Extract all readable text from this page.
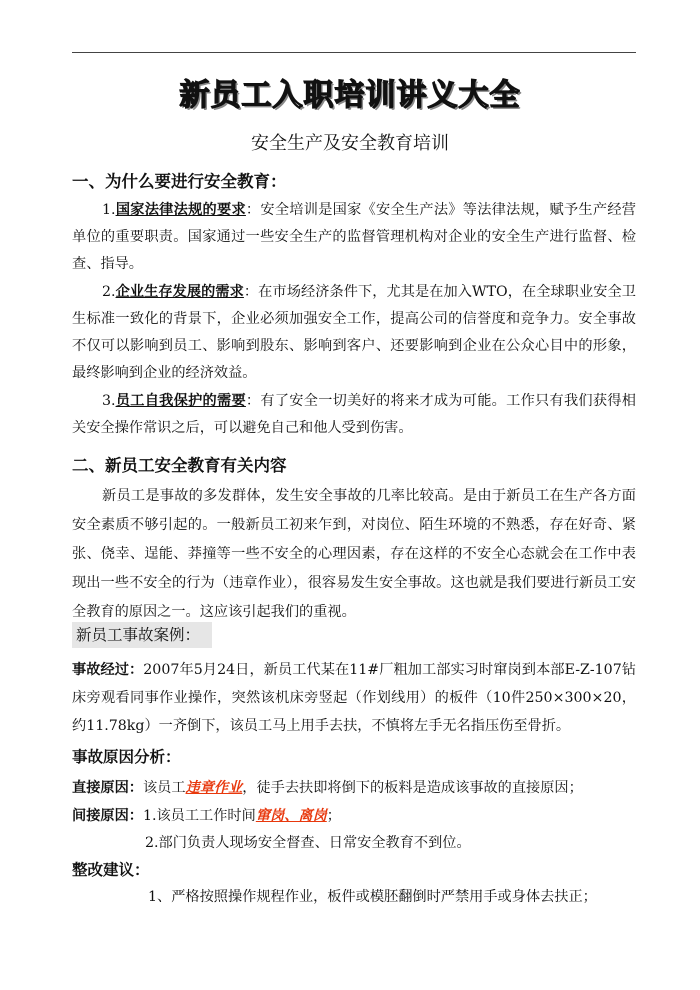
新员工入职培训讲义大全
安全生产及安全教育培训
一、为什么要进行安全教育：
1.国家法律法规的要求：安全培训是国家《安全生产法》等法律法规，赋予生产经营单位的重要职责。国家通过一些安全生产的监督管理机构对企业的安全生产进行监督、检查、指导。
2.企业生存发展的需求：在市场经济条件下，尤其是在加入WTO，在全球职业安全卫生标准一致化的背景下，企业必须加强安全工作，提高公司的信誉度和竞争力。安全事故不仅可以影响到员工、影响到股东、影响到客户、还要影响到企业在公众心目中的形象，最终影响到企业的经济效益。
3.员工自我保护的需要：有了安全一切美好的将来才成为可能。工作只有我们获得相关安全操作常识之后，可以避免自己和他人受到伤害。
二、新员工安全教育有关内容
新员工是事故的多发群体，发生安全事故的几率比较高。是由于新员工在生产各方面安全素质不够引起的。一般新员工初来乍到，对岗位、陌生环境的不熟悉，存在好奇、紧张、侥幸、逞能、莽撞等一些不安全的心理因素，存在这样的不安全心态就会在工作中表现出一些不安全的行为（违章作业），很容易发生安全事故。这也就是我们要进行新员工安全教育的原因之一。这应该引起我们的重视。
新员工事故案例：
事故经过：2007年5月24日，新员工代某在11#厂粗加工部实习时窜岗到本部E-Z-107钻床旁观看同事作业操作，突然该机床旁竖起（作划线用）的板件（10件250×300×20，约11.78kg）一齐倒下，该员工马上用手去扶，不慎将左手无名指压伤至骨折。
事故原因分析：
直接原因：该员工违章作业，徒手去扶即将倒下的板料是造成该事故的直接原因；
间接原因：1.该员工工作时间窜岗、离岗；
2.部门负责人现场安全督查、日常安全教育不到位。
整改建议：
1、严格按照操作规程作业，板件或模胚翻倒时严禁用手或身体去扶正；
